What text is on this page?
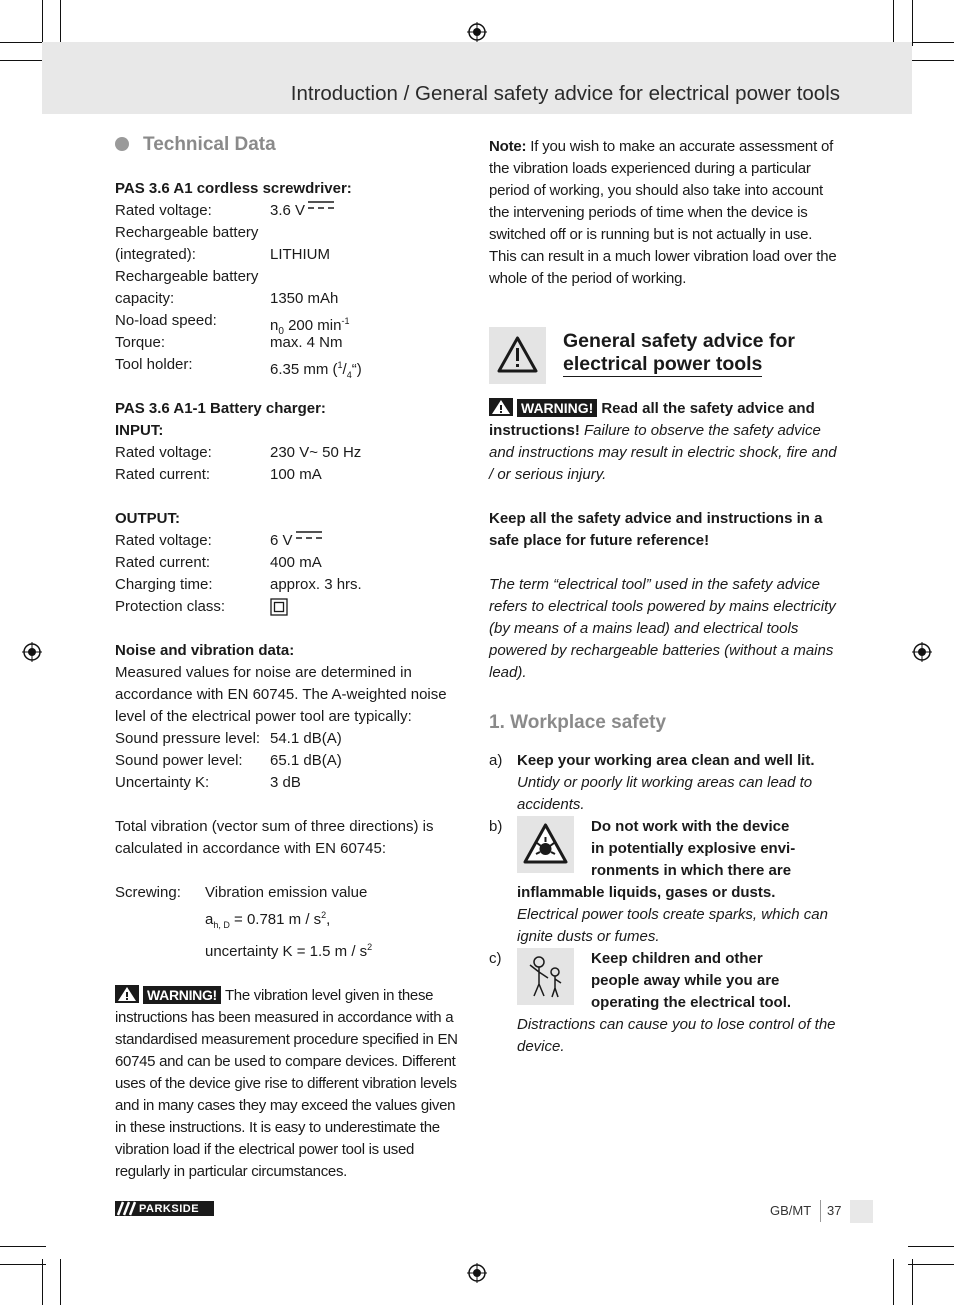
Introduction / General safety advice for electrical power tools
Technical Data
PAS 3.6 A1 cordless screwdriver:
Rated voltage:	3.6 V
Rechargeable battery
(integrated):	LITHIUM
Rechargeable battery
capacity:	1350 mAh
No-load speed:	$n_0$ 200 $\min^{-1}$
Torque:	max. 4 Nm
Tool holder:	6.35 mm $(^1/_4“)$
PAS 3.6 A1-1 Battery charger:
INPUT:
Rated voltage:	230 V~ 50 Hz
Rated current:	100 mA
OUTPUT:
Rated voltage:	6 V
Rated current:	400 mA
Charging time:	approx. 3 hrs.
Protection class:
Noise and vibration data:

Measured values for noise are determined in accordance with EN 60745. The A-weighted noise level of the electrical power tool are typically:

Sound pressure level: 54.1 dB(A)
Sound power level:	65.1 dB(A)
Uncertainty K:	3 dB

Total vibration (vector sum of three directions) is calculated in accordance with EN 60745:

Screwing:	Vibration emission value
$a_{h, D} = 0.781$ m / $s^2$,
uncertainty K = 1.5 m / $s^2$

WARNING! The vibration level given in these instructions has been measured in accordance with a standardised measurement procedure specified in EN 60745 and can be used to compare devices. Different uses of the device give rise to different vibration levels and in many cases they may exceed the values given in these instructions. It is easy to underestimate the vibration load if the electrical power tool is used regularly in particular circumstances.

Note: If you wish to make an accurate assessment of the vibration loads experienced during a particular period of working, you should also take into account the intervening periods of time when the device is switched off or is running but is not actually in use. This can result in a much lower vibration load over the whole of the period of working.

General safety advice for
electrical power tools

WARNING! Read all the safety advice and instructions! Failure to observe the safety advice and instructions may result in electric shock, fire and / or serious injury.

Keep all the safety advice and instructions in a safe place for future reference!

The term “electrical tool” used in the safety advice refers to electrical tools powered by mains electricity (by means of a mains lead) and electrical tools powered by rechargeable batteries (without a mains lead).

1. Workplace safety
a) Keep your working area clean and well lit. Untidy or poorly lit working areas can lead to accidents.
b)	Do not work with the device
in potentially explosive envi-
ronments in which there are
inflammable liquids, gases or dusts.
Electrical power tools create sparks, which can ignite dusts or fumes.
c)	Keep children and other
people away while you are
operating the electrical tool.
Distractions can cause you to lose control of the device.
PARKSIDE	GB/MT 37
